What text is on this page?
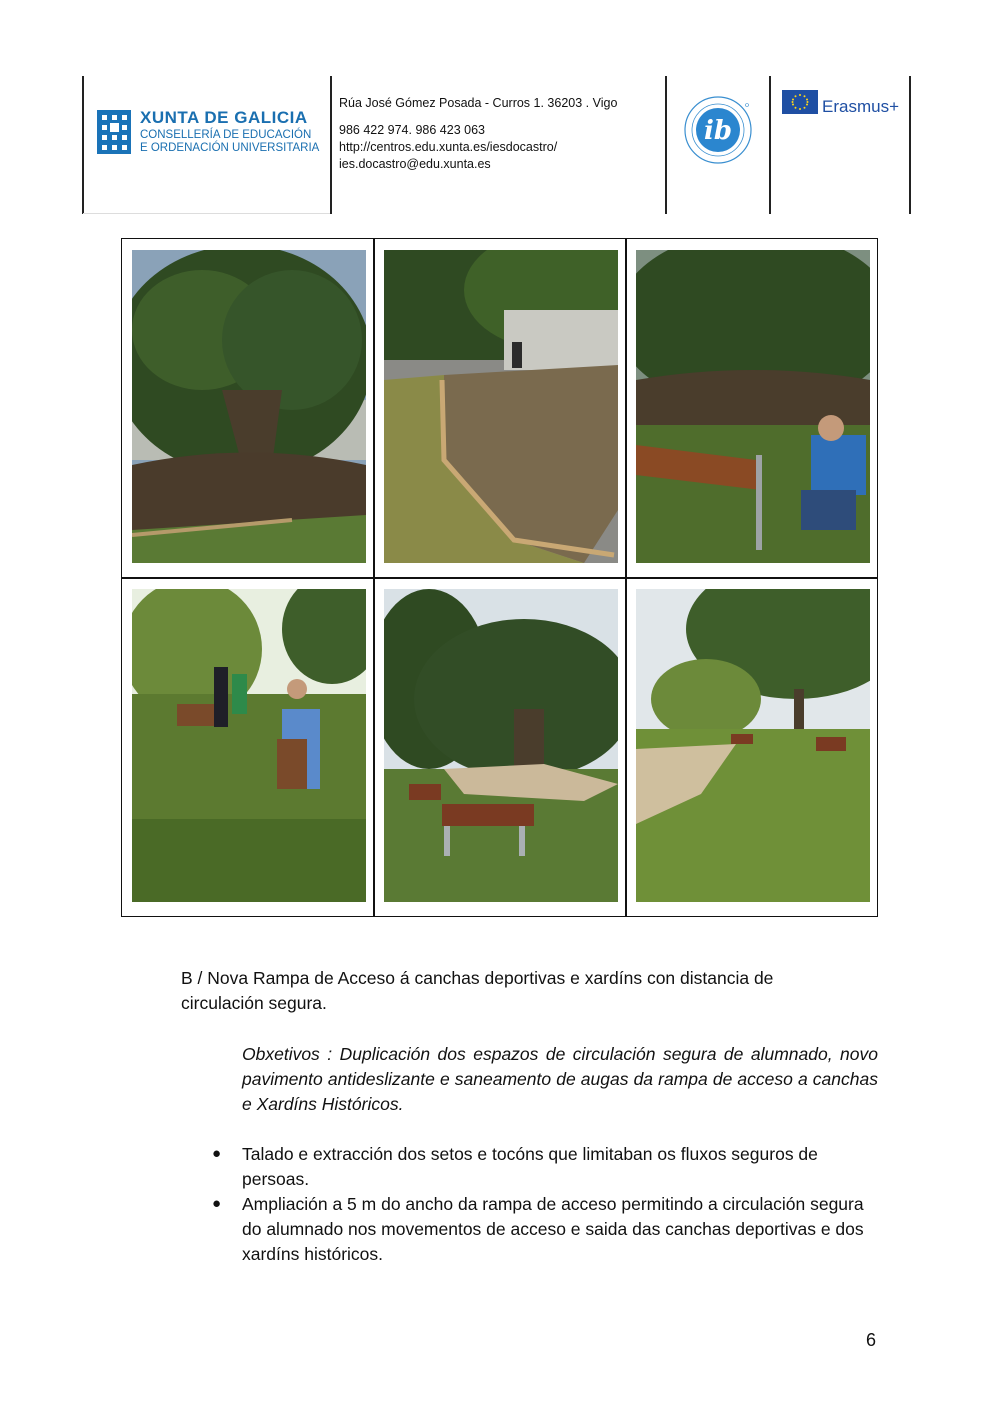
XUNTA DE GALICIA
CONSELLERÍA DE EDUCACIÓN
E ORDENACIÓN UNIVERSITARIA
Rúa José Gómez Posada - Curros 1. 36203 . Vigo
986 422 974. 986 423 063
http://centros.edu.xunta.es/iesdocastro/
ies.docastro@edu.xunta.es
ib
Erasmus+
B / Nova Rampa de Acceso á canchas deportivas e xardíns con distancia de
circulación segura.
Obxetivos : Duplicación dos espazos de circulación segura de alumnado, novo pavimento antideslizante e saneamento de augas da rampa de acceso a canchas e Xardíns Históricos.
● Talado e extracción dos setos e tocóns que limitaban os fluxos seguros de persoas.
● Ampliación a 5 m do ancho da rampa de acceso permitindo a circulación segura do alumnado nos movementos de acceso e saida das canchas deportivas e dos xardíns históricos.
6
